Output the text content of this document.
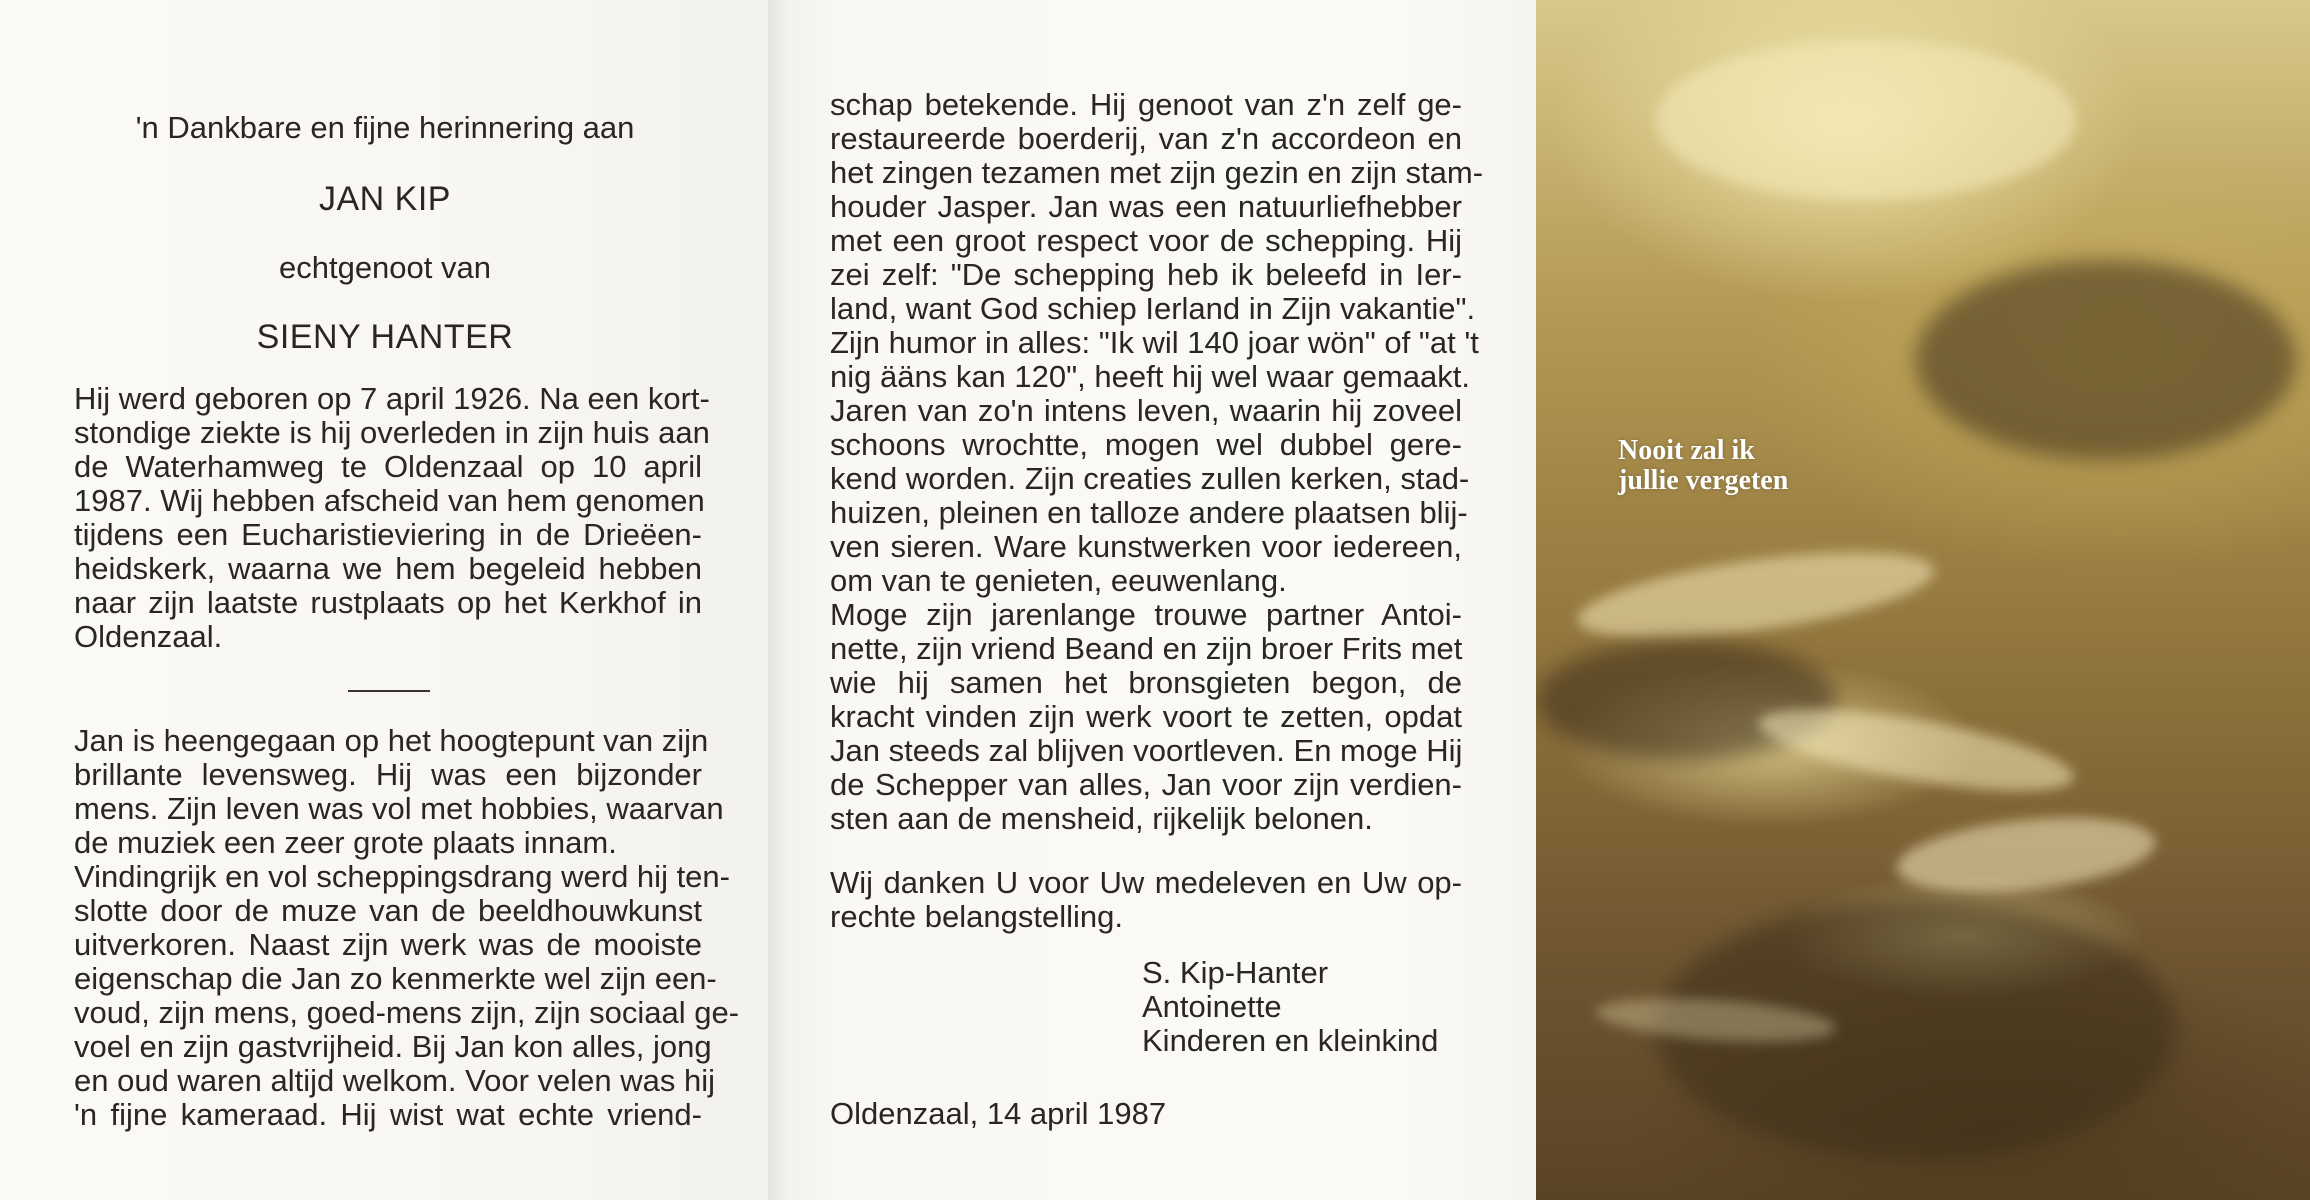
'n Dankbare en fijne herinnering aan

JAN KIP

echtgenoot van

SIENY HANTER

Hij werd geboren op 7 april 1926. Na een kort-
stondige ziekte is hij overleden in zijn huis aan
de Waterhamweg te Oldenzaal op 10 april
1987. Wij hebben afscheid van hem genomen
tijdens een Eucharistieviering in de Drieëen-
heidskerk, waarna we hem begeleid hebben
naar zijn laatste rustplaats op het Kerkhof in
Oldenzaal.
Jan is heengegaan op het hoogtepunt van zijn
brillante levensweg. Hij was een bijzonder
mens. Zijn leven was vol met hobbies, waarvan
de muziek een zeer grote plaats innam.
Vindingrijk en vol scheppingsdrang werd hij ten-
slotte door de muze van de beeldhouwkunst
uitverkoren. Naast zijn werk was de mooiste
eigenschap die Jan zo kenmerkte wel zijn een-
voud, zijn mens, goed-mens zijn, zijn sociaal ge-
voel en zijn gastvrijheid. Bij Jan kon alles, jong
en oud waren altijd welkom. Voor velen was hij
'n fijne kameraad. Hij wist wat echte vriend-
schap betekende. Hij genoot van z'n zelf ge-
restaureerde boerderij, van z'n accordeon en
het zingen tezamen met zijn gezin en zijn stam-
houder Jasper. Jan was een natuurliefhebber
met een groot respect voor de schepping. Hij
zei zelf: "De schepping heb ik beleefd in Ier-
land, want God schiep Ierland in Zijn vakantie".
Zijn humor in alles: "Ik wil 140 joar wön" of "at 't
nig ääns kan 120", heeft hij wel waar gemaakt.
Jaren van zo'n intens leven, waarin hij zoveel
schoons wrochtte, mogen wel dubbel gere-
kend worden. Zijn creaties zullen kerken, stad-
huizen, pleinen en talloze andere plaatsen blij-
ven sieren. Ware kunstwerken voor iedereen,
om van te genieten, eeuwenlang.
Moge zijn jarenlange trouwe partner Antoi-
nette, zijn vriend Beand en zijn broer Frits met
wie hij samen het bronsgieten begon, de
kracht vinden zijn werk voort te zetten, opdat
Jan steeds zal blijven voortleven. En moge Hij
de Schepper van alles, Jan voor zijn verdien-
sten aan de mensheid, rijkelijk belonen.
Wij danken U voor Uw medeleven en Uw op-
rechte belangstelling.
S. Kip-Hanter
Antoinette
Kinderen en kleinkind

Oldenzaal, 14 april 1987

Nooit zal ik
jullie vergeten
